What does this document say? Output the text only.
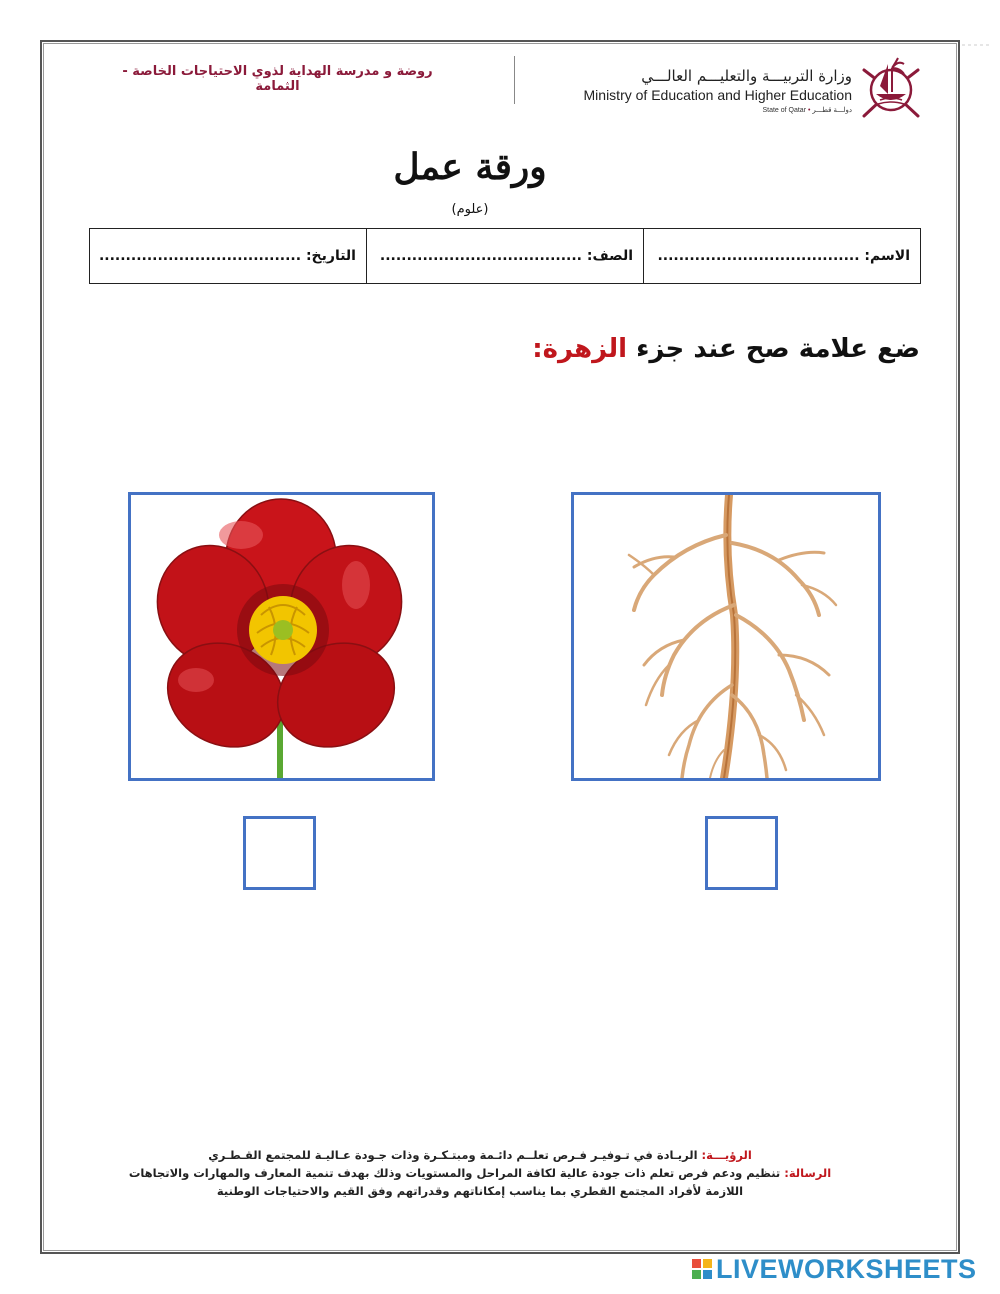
روضة و مدرسة الهداية لذوي الاحتياجات الخاصة - الثمامة
وزارة التربيـــة والتعليـــم العالـــي
Ministry of Education and Higher Education
State of Qatar • دولـــة قطـــر
ورقة عمل
(علوم)
الاسم:

......................................
الصف:

......................................
التاريخ:

......................................
ضع علامة صح عند جزء الزهرة:
الرؤيـــة: الريـادة في تـوفيـر فـرص تعلــم دائـمة ومبتـكـرة وذات جـودة عـاليـة للمجتمع القـطـري
الرسالة: تنظيم ودعم فرص تعلم ذات جودة عالية لكافة المراحل والمستويات وذلك بهدف تنمية المعارف والمهارات والاتجاهات
اللازمة لأفراد المجتمع القطري بما يناسب إمكاناتهم وقدراتهم وفق القيم والاحتياجات الوطنية
LIVEWORKSHEETS
